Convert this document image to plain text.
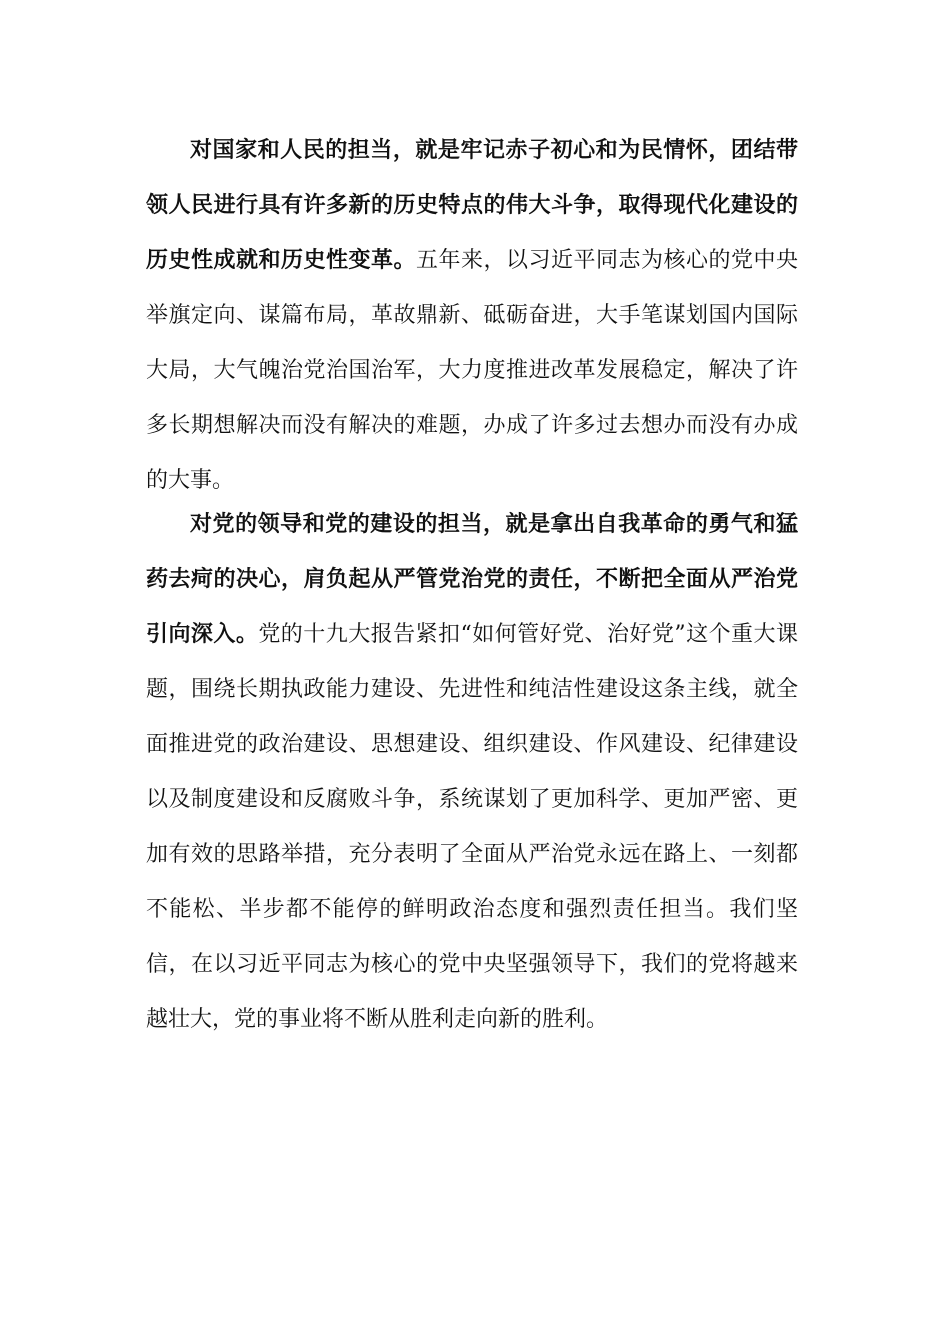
对国家和人民的担当，就是牢记赤子初心和为民情怀，团结带领人民进行具有许多新的历史特点的伟大斗争，取得现代化建设的历史性成就和历史性变革。五年来，以习近平同志为核心的党中央举旗定向、谋篇布局，革故鼎新、砥砺奋进，大手笔谋划国内国际大局，大气魄治党治国治军，大力度推进改革发展稳定，解决了许多长期想解决而没有解决的难题，办成了许多过去想办而没有办成的大事。

对党的领导和党的建设的担当，就是拿出自我革命的勇气和猛药去疴的决心，肩负起从严管党治党的责任，不断把全面从严治党引向深入。党的十九大报告紧扣“如何管好党、治好党”这个重大课题，围绕长期执政能力建设、先进性和纯洁性建设这条主线，就全面推进党的政治建设、思想建设、组织建设、作风建设、纪律建设以及制度建设和反腐败斗争，系统谋划了更加科学、更加严密、更加有效的思路举措，充分表明了全面从严治党永远在路上、一刻都不能松、半步都不能停的鲜明政治态度和强烈责任担当。我们坚信，在以习近平同志为核心的党中央坚强领导下，我们的党将越来越壮大，党的事业将不断从胜利走向新的胜利。
